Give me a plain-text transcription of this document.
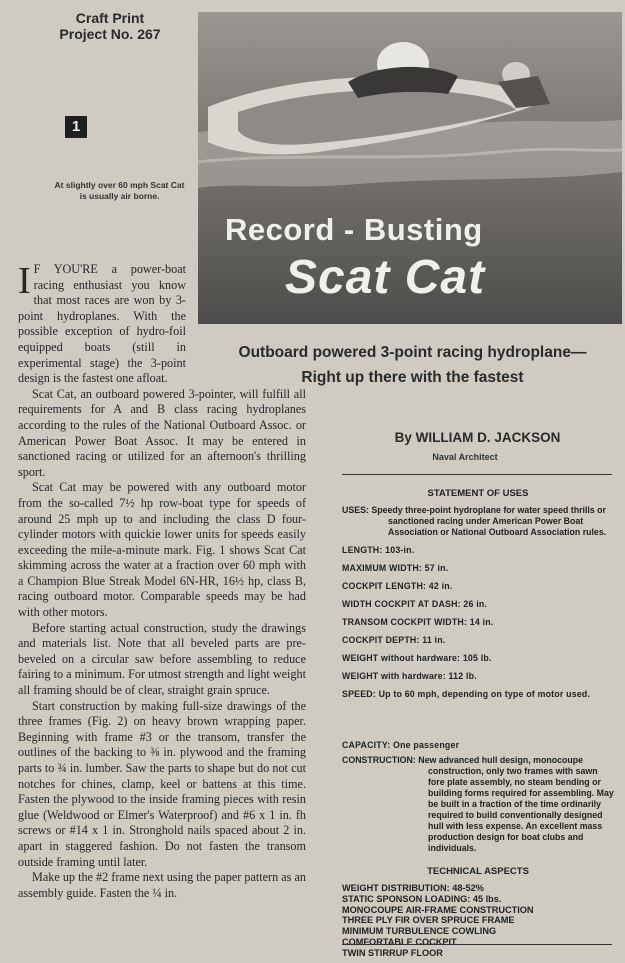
Craft Print
Project No. 267
1
At slightly over 60 mph Scat Cat is usually air borne.
Record - Busting
Scat Cat
Outboard powered 3-point racing hydroplane—
Right up there with the fastest

I F YOU'RE a power-boat racing enthusiast you know that most races are won by 3-point hydroplanes. With the possible exception of hydro-foil equipped boats (still in experimental stage) the 3-point design is the fastest one afloat.

Scat Cat, an outboard powered 3-pointer, will fulfill all requirements for A and B class racing hydroplanes according to the rules of the National Outboard Assoc. or American Power Boat Assoc. It may be entered in sanctioned racing or utilized for an afternoon's thrilling sport.

Scat Cat may be powered with any outboard motor from the so-called 7½ hp row-boat type for speeds of around 25 mph up to and including the class D four-cylinder motors with quickie lower units for speeds easily exceeding the mile-a-minute mark. Fig. 1 shows Scat Cat skimming across the water at a fraction over 60 mph with a Champion Blue Streak Model 6N-HR, 16½ hp, class B, racing outboard motor. Comparable speeds may be had with other motors.

Before starting actual construction, study the drawings and materials list. Note that all beveled parts are pre-beveled on a circular saw before assembling to reduce fairing to a minimum. For utmost strength and light weight all framing should be of clear, straight grain spruce.

Start construction by making full-size drawings of the three frames (Fig. 2) on heavy brown wrapping paper. Beginning with frame #3 or the transom, transfer the outlines of the backing to ⅜ in. plywood and the framing parts to ¾ in. lumber. Saw the parts to shape but do not cut notches for chines, clamp, keel or battens at this time. Fasten the plywood to the inside framing pieces with resin glue (Weldwood or Elmer's Waterproof) and #6 x 1 in. fh screws or #14 x 1 in. Stronghold nails spaced about 2 in. apart in staggered fashion. Do not fasten the transom outside framing until later.

Make up the #2 frame next using the paper pattern as an assembly guide. Fasten the ¼ in.

By WILLIAM D. JACKSON
Naval Architect
STATEMENT OF USES
USES: Speedy three-point hydroplane for water speed thrills or sanctioned racing under American Power Boat Association or National Outboard Association rules.
LENGTH: 103-in.
MAXIMUM WIDTH: 57 in.
COCKPIT LENGTH: 42 in.
WIDTH COCKPIT AT DASH: 26 in.
TRANSOM COCKPIT WIDTH: 14 in.
COCKPIT DEPTH: 11 in.
WEIGHT without hardware: 105 lb.
WEIGHT with hardware: 112 lb.
SPEED: Up to 60 mph, depending on type of motor used.
CAPACITY: One passenger
CONSTRUCTION: New advanced hull design, monocoupe construction, only two frames with sawn fore plate assembly, no steam bending or building forms required for assembling. May be built in a fraction of the time ordinarily required to build conventionally designed hull with less expense. An excellent mass production design for boat clubs and individuals.
TECHNICAL ASPECTS
WEIGHT DISTRIBUTION: 48-52%
STATIC SPONSON LOADING: 45 lbs.
MONOCOUPE AIR-FRAME CONSTRUCTION
THREE PLY FIR OVER SPRUCE FRAME
MINIMUM TURBULENCE COWLING
COMFORTABLE COCKPIT
TWIN STIRRUP FLOOR
